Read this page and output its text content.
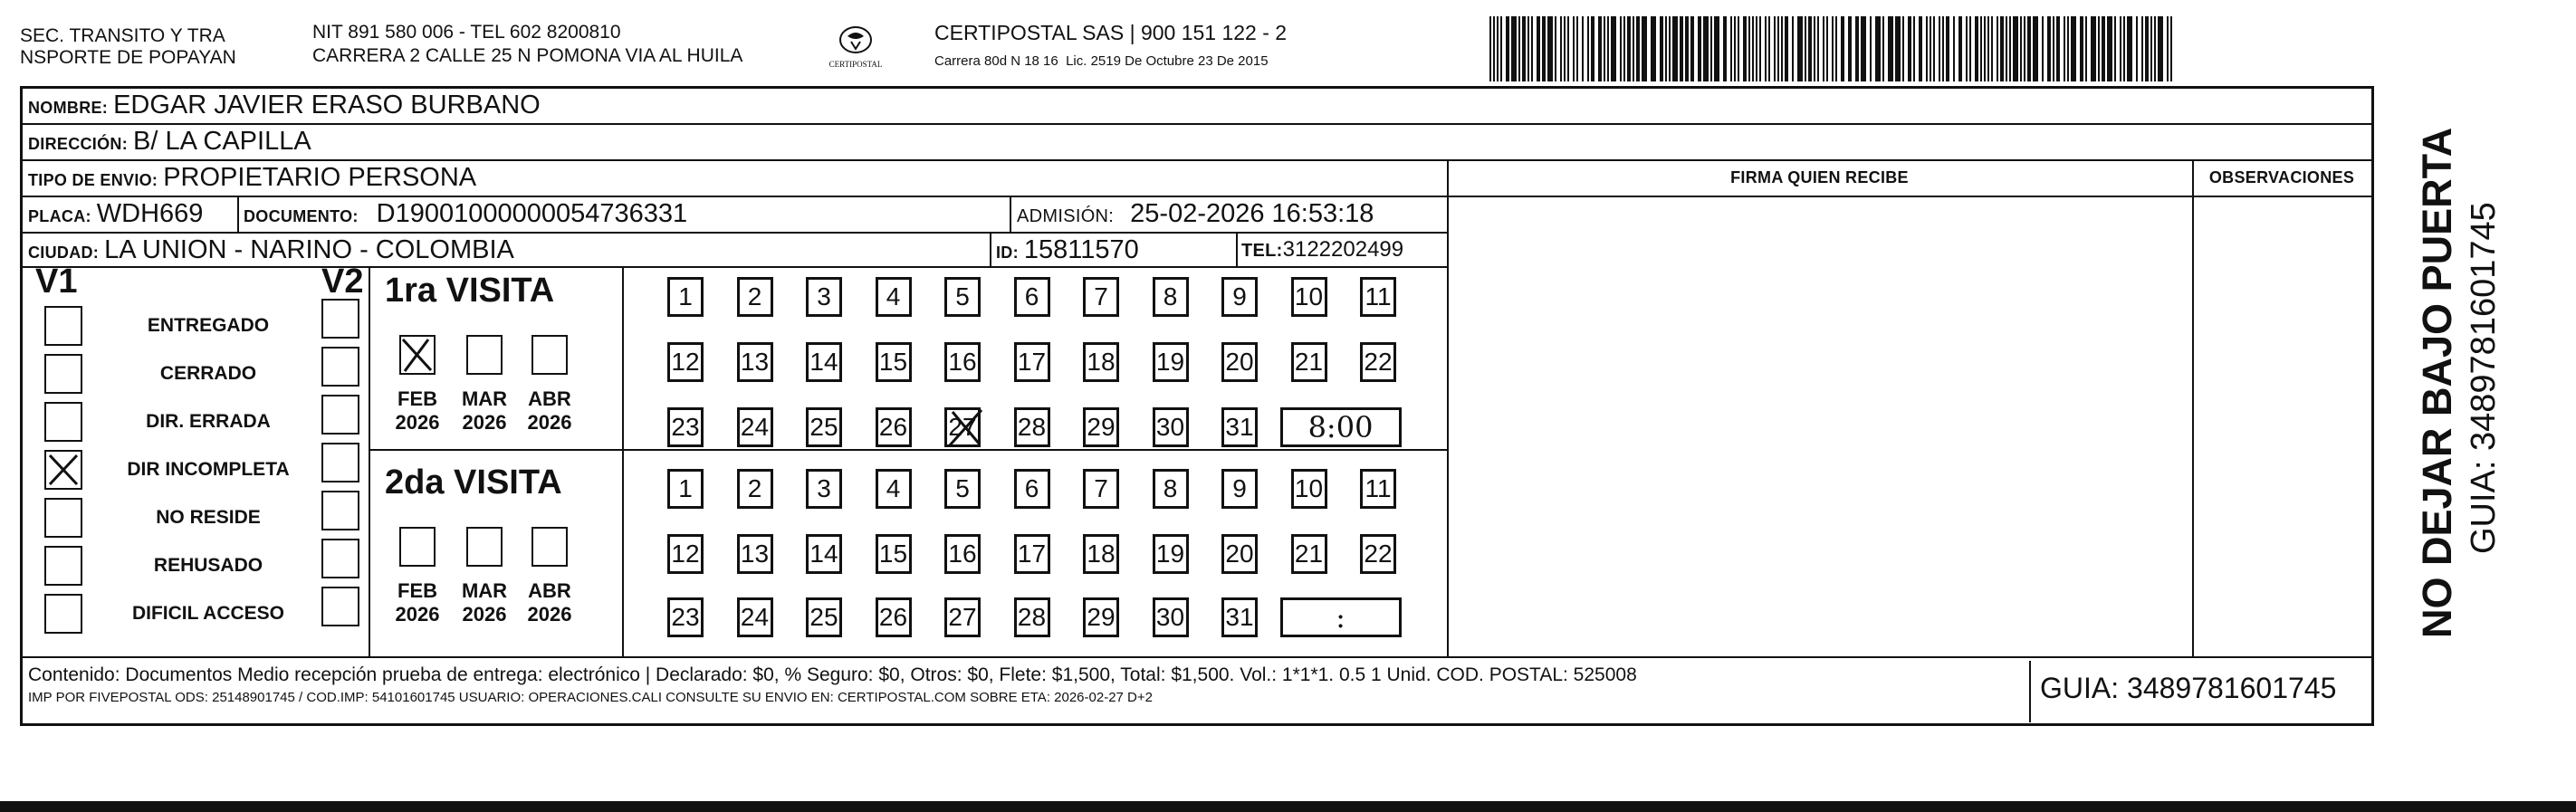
SEC. TRANSITO Y TRA
NSPORTE DE POPAYAN
NIT 891 580 006 - TEL 602 8200810
CARRERA 2 CALLE 25 N POMONA VIA AL HUILA	CERTIPOSTAL
CERTIPOSTAL SAS | 900 151 122 - 2
Carrera 80d N 18 16  Lic. 2519 De Octubre 23 De 2015
NOMBRE: EDGAR JAVIER ERASO BURBANO
DIRECCIÓN: B/ LA CAPILLA
TIPO DE ENVIO: PROPIETARIO PERSONA	FIRMA QUIEN RECIBE	OBSERVACIONES
PLACA: WDH669 DOCUMENTO: D19001000000054736331	ADMISIÓN: 25-02-2026 16:53:18
CIUDAD: LA UNION - NARINO - COLOMBIA	ID: 15811570	TEL: 3122202499
V1	V2
ENTREGADO
CERRADO
DIR. ERRADA
DIR INCOMPLETA
NO RESIDE
REHUSADO
DIFICIL ACCESO
1ra VISITA
2da VISITA
FEB
2026
MAR
2026
ABR
2026
FEB
2026
MAR
2026
ABR
2026
1	2	3	4	5	6	7	8	9	10 11
12 13 14 15 16 17 18 19 20 21 22
23 24 25 26 27 28 29 30 31	8:00
1	2	3	4	5	6	7	8	9	10 11
12 13 14 15 16 17 18 19 20 21 22
23 24 25 26 27 28 29 30 31	:
Contenido: Documentos Medio recepción prueba de entrega: electrónico | Declarado: $0, % Seguro: $0, Otros: $0, Flete: $1,500, Total: $1,500. Vol.: 1*1*1. 0.5 1 Unid. COD. POSTAL: 525008
IMP POR FIVEPOSTAL ODS: 25148901745 / COD.IMP: 54101601745 USUARIO: OPERACIONES.CALI CONSULTE SU ENVIO EN: CERTIPOSTAL.COM SOBRE ETA: 2026-02-27 D+2	GUIA: 3489781601745
NO DEJAR BAJO PUERTA GUIA: 3489781601745
